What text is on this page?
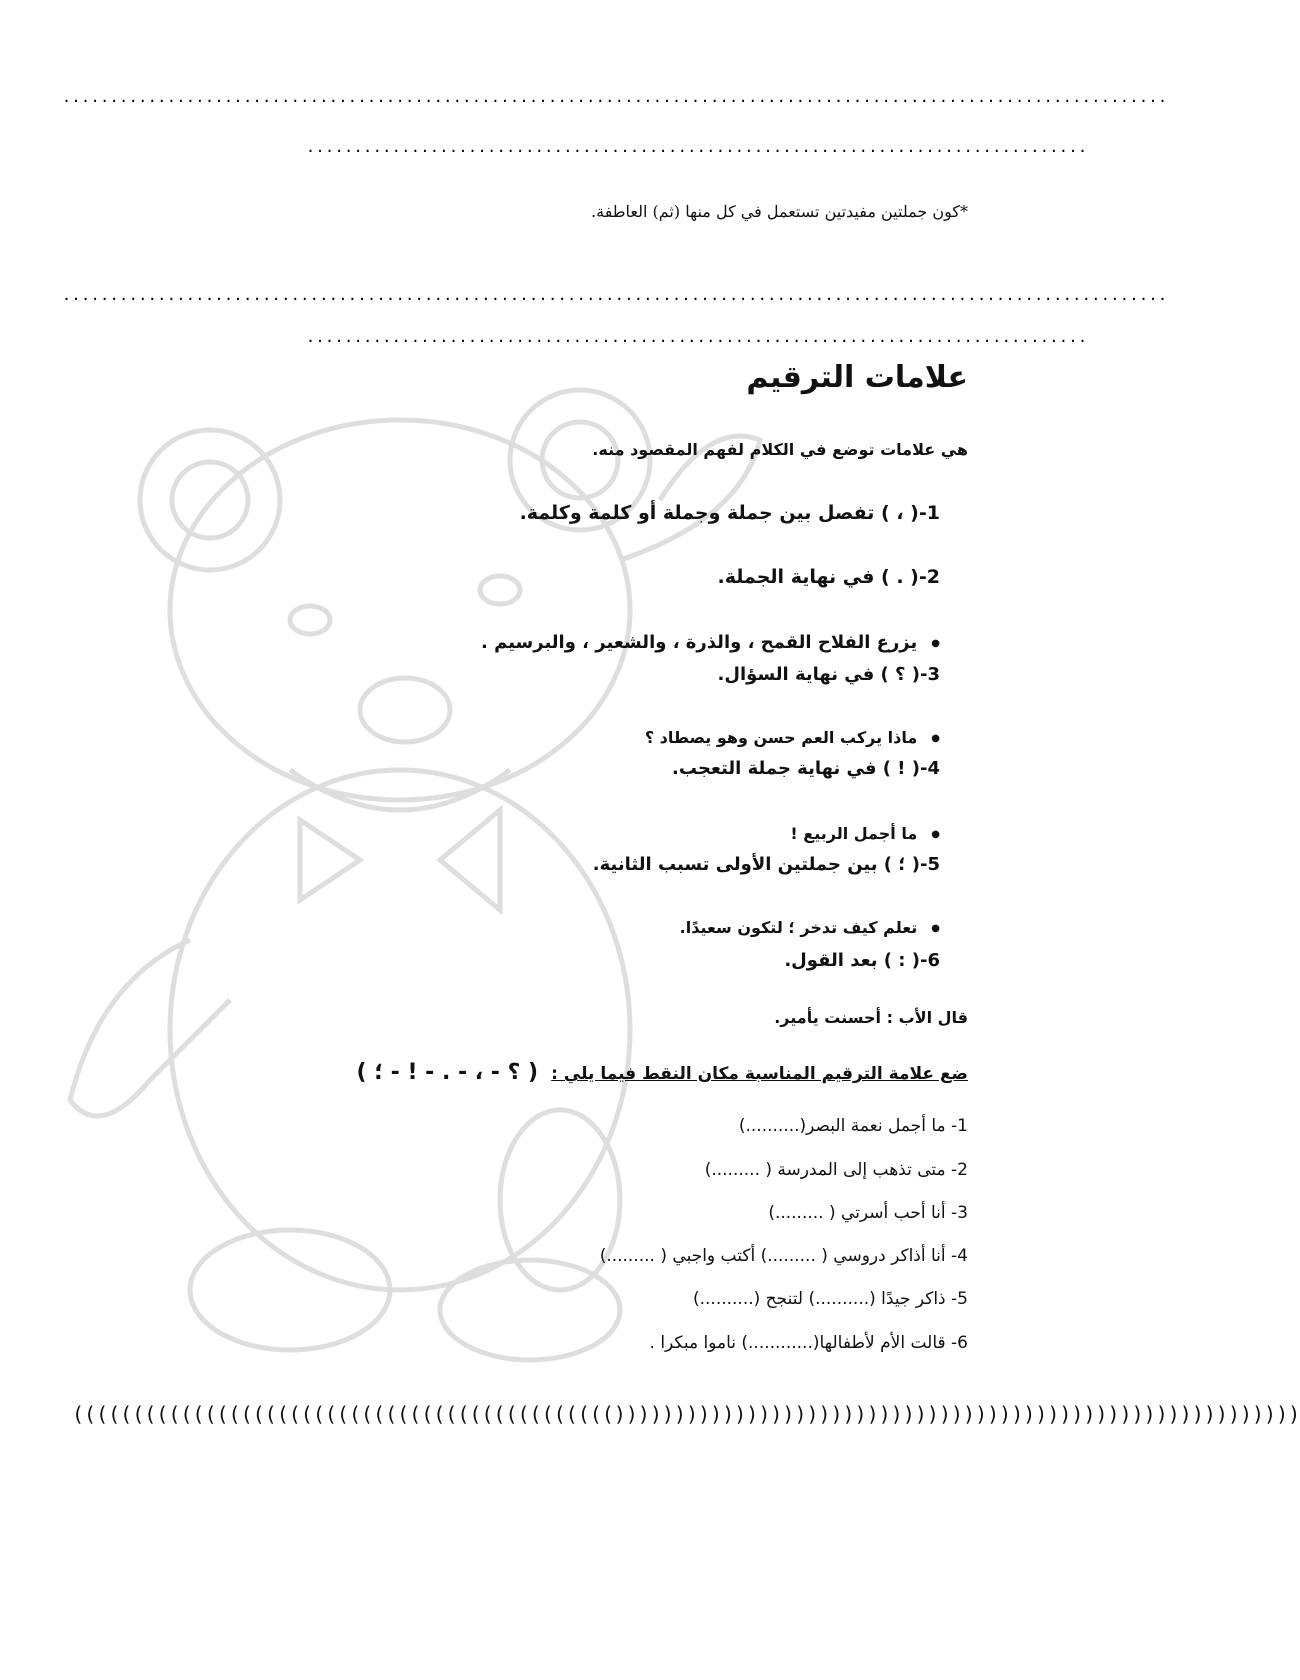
....................................................................................................................
..................................................................................
*كون جملتين مفيدتين تستعمل في كل منها (ثم) العاطفة.
....................................................................................................................
..................................................................................
علامات الترقيم
هي علامات توضع في الكلام لفهم المقصود منه.
1-( ، ) تفصل بين جملة وجملة أو كلمة وكلمة.
2-( . ) في نهاية الجملة.
● يزرع الفلاح القمح ، والذرة ، والشعير ، والبرسيم .
3-( ؟ ) في نهاية السؤال.
● ماذا يركب العم حسن وهو يصطاد ؟
4-( ! ) في نهاية جملة التعجب.
● ما أجمل الربيع !
5-( ؛ ) بين جملتين الأولى تسبب الثانية.
● تعلم كيف تدخر ؛ لتكون سعيدًا.
6-( : ) بعد القول.
قال الأب : أحسنت يأمير.
ضع علامة الترقيم المناسبة مكان النقط فيما يلي : ( ؟ - ، - . - ! - ؛ )
1- ما أجمل نعمة البصر(..........)
2- متى تذهب إلى المدرسة ( .........)
3- أنا أحب أسرتي ( .........)
4- أنا أذاكر دروسي ( .........) أكتب واجبي ( .........)
5- ذاكر جيدًا (..........) لتنجح (..........)
6- قالت الأم لأطفالها(............) ناموا مبكرا .
((((((((((((((((((((((((((((((((((((((((((((()))))))))))))))))))))))))))))))))))))))))))))))))))))))))
